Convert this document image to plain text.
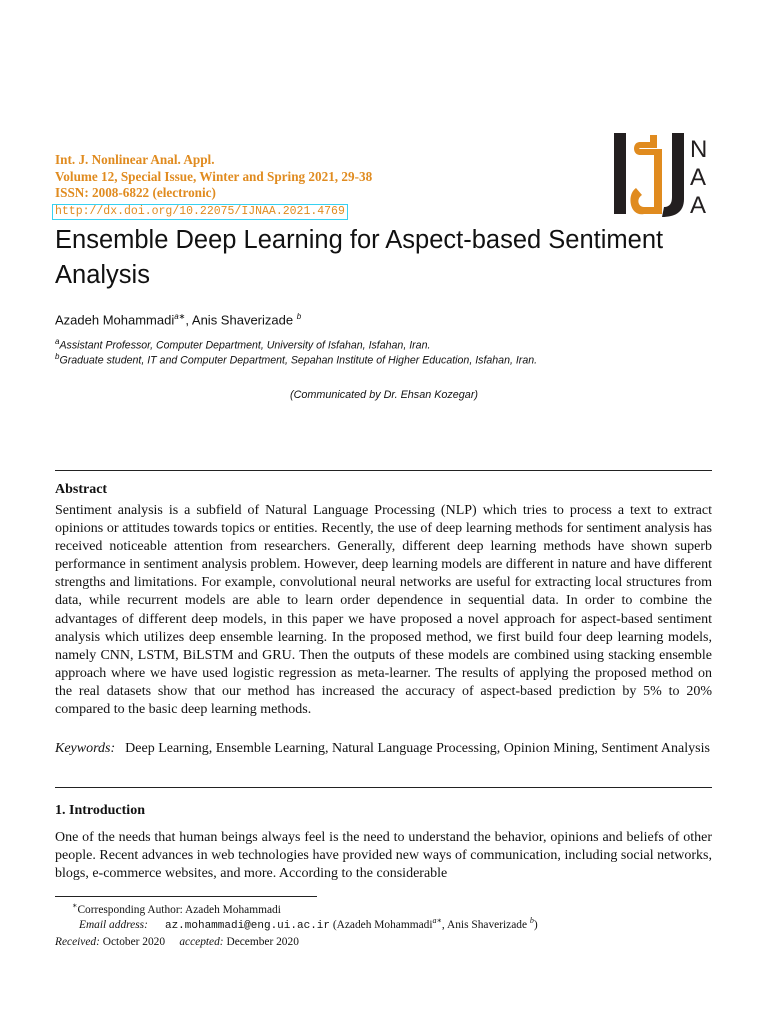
Int. J. Nonlinear Anal. Appl.
Volume 12, Special Issue, Winter and Spring 2021, 29-38
ISSN: 2008-6822 (electronic)
http://dx.doi.org/10.22075/IJNAA.2021.4769
N
A
A
Ensemble Deep Learning for Aspect-based Sentiment Analysis
Azadeh Mohammadi$^{a∗}$, Anis Shaverizade $^b$
$^a$Assistant Professor, Computer Department, University of Isfahan, Isfahan, Iran.
$^b$Graduate student, IT and Computer Department, Sepahan Institute of Higher Education, Isfahan, Iran.
(Communicated by Dr. Ehsan Kozegar)
Abstract
Sentiment analysis is a subfield of Natural Language Processing (NLP) which tries to process a text to extract opinions or attitudes towards topics or entities. Recently, the use of deep learning methods for sentiment analysis has received noticeable attention from researchers. Generally, different deep learning methods have shown superb performance in sentiment analysis problem. However, deep learning models are different in nature and have different strengths and limitations. For example, convolutional neural networks are useful for extracting local structures from data, while recurrent models are able to learn order dependence in sequential data. In order to combine the advantages of different deep models, in this paper we have proposed a novel approach for aspect-based sentiment analysis which utilizes deep ensemble learning. In the proposed method, we first build four deep learning models, namely CNN, LSTM, BiLSTM and GRU. Then the outputs of these models are combined using stacking ensemble approach where we have used logistic regression as meta-learner. The results of applying the proposed method on the real datasets show that our method has increased the accuracy of aspect-based prediction by 5% to 20% compared to the basic deep learning methods.
Keywords: Deep Learning, Ensemble Learning, Natural Language Processing, Opinion Mining, Sentiment Analysis
1. Introduction
One of the needs that human beings always feel is the need to understand the behavior, opinions and beliefs of other people. Recent advances in web technologies have provided new ways of communication, including social networks, blogs, e-commerce websites, and more. According to the considerable
∗Corresponding Author: Azadeh Mohammadi
Email address: az.mohammadi@eng.ui.ac.ir (Azadeh Mohammadi$^{a∗}$, Anis Shaverizade $^b$)
Received: October 2020 accepted: December 2020
